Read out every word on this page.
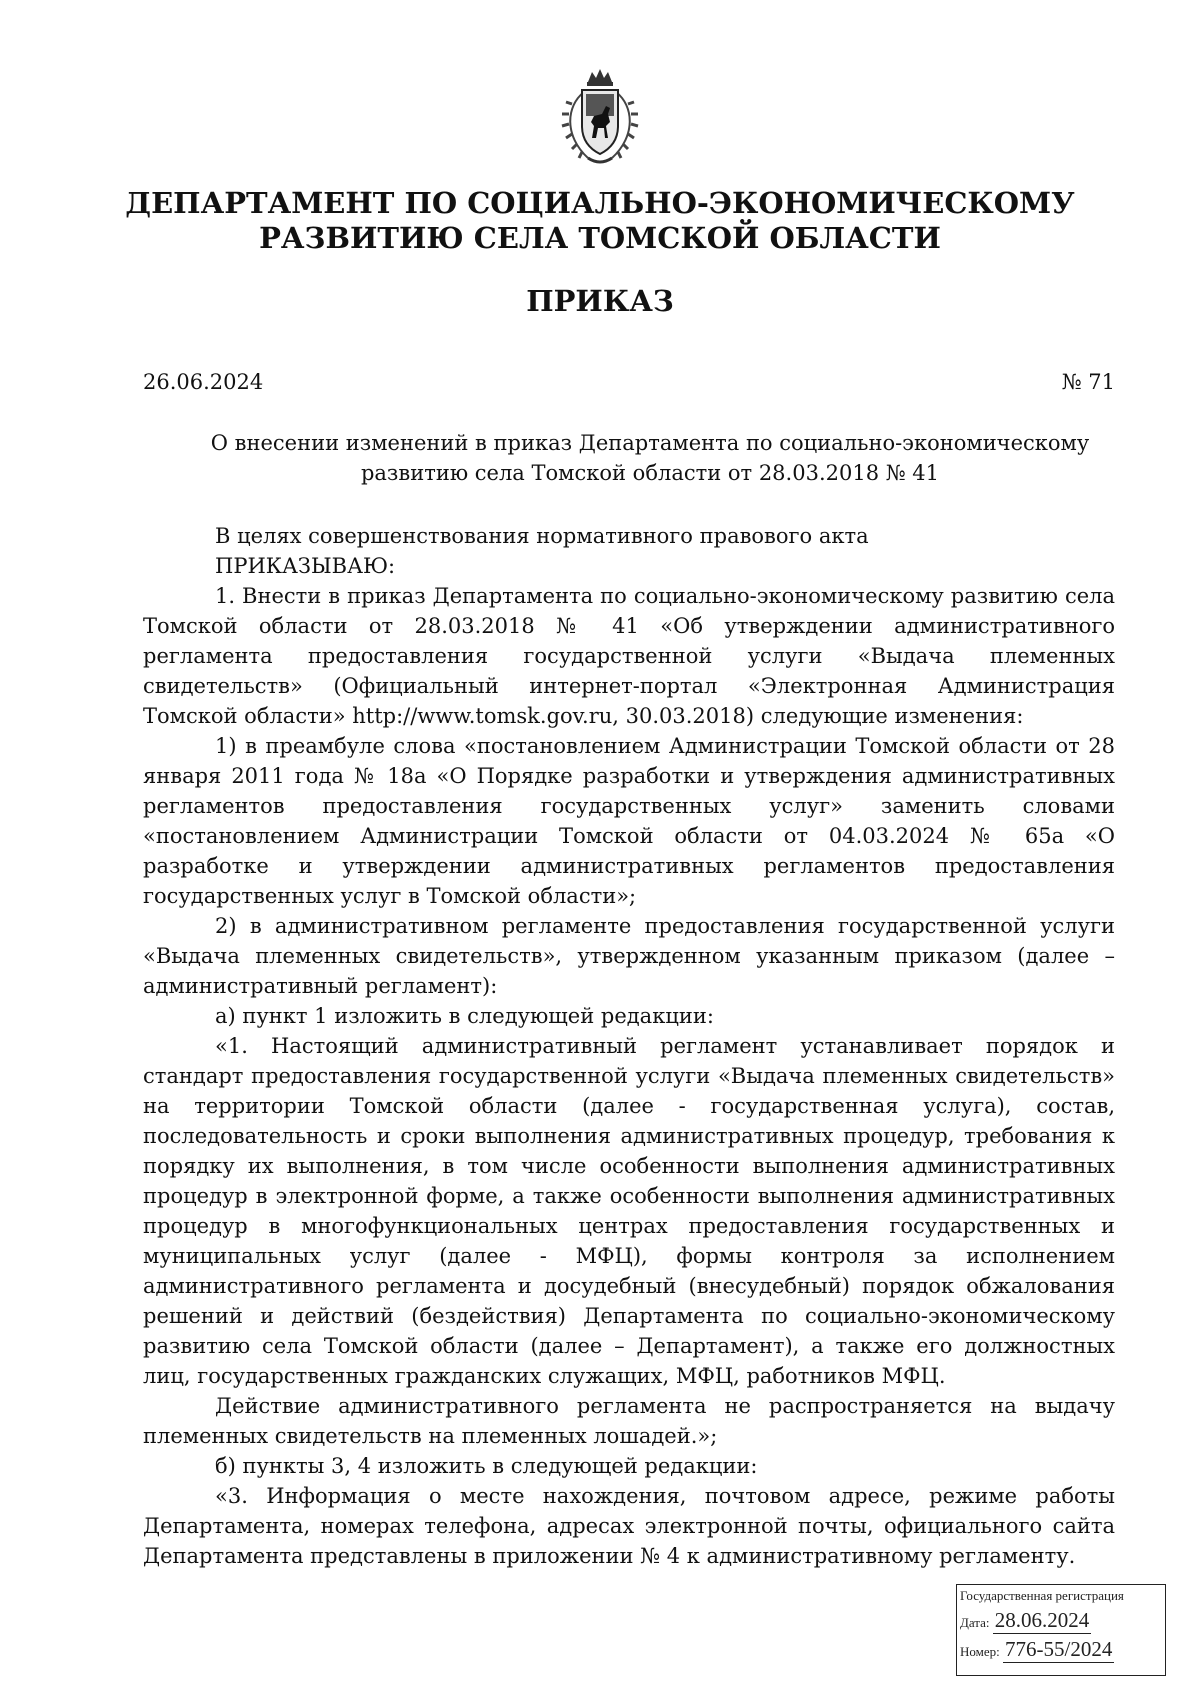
ДЕПАРТАМЕНТ ПО СОЦИАЛЬНО-ЭКОНОМИЧЕСКОМУ РАЗВИТИЮ СЕЛА ТОМСКОЙ ОБЛАСТИ
ПРИКАЗ
26.06.2024	№ 71
О внесении изменений в приказ Департамента по социально-экономическому развитию села Томской области от 28.03.2018 № 41

В целях совершенствования нормативного правового акта

ПРИКАЗЫВАЮ:

1. Внести в приказ Департамента по социально-экономическому развитию села Томской области от 28.03.2018 № 41 «Об утверждении административного регламента предоставления государственной услуги «Выдача племенных свидетельств» (Официальный интернет-портал «Электронная Администрация Томской области» http://www.tomsk.gov.ru, 30.03.2018) следующие изменения:

1) в преамбуле слова «постановлением Администрации Томской области от 28 января 2011 года № 18а «О Порядке разработки и утверждения административных регламентов предоставления государственных услуг» заменить словами «постановлением Администрации Томской области от 04.03.2024 № 65а «О разработке и утверждении административных регламентов предоставления государственных услуг в Томской области»;

2) в административном регламенте предоставления государственной услуги «Выдача племенных свидетельств», утвержденном указанным приказом (далее – административный регламент):

а) пункт 1 изложить в следующей редакции:

«1. Настоящий административный регламент устанавливает порядок и стандарт предоставления государственной услуги «Выдача племенных свидетельств» на территории Томской области (далее - государственная услуга), состав, последовательность и сроки выполнения административных процедур, требования к порядку их выполнения, в том числе особенности выполнения административных процедур в электронной форме, а также особенности выполнения административных процедур в многофункциональных центрах предоставления государственных и муниципальных услуг (далее - МФЦ), формы контроля за исполнением административного регламента и досудебный (внесудебный) порядок обжалования решений и действий (бездействия) Департамента по социально-экономическому развитию села Томской области (далее – Департамент), а также его должностных лиц, государственных гражданских служащих, МФЦ, работников МФЦ.

Действие административного регламента не распространяется на выдачу племенных свидетельств на племенных лошадей.»;

б) пункты 3, 4 изложить в следующей редакции:

«3. Информация о месте нахождения, почтовом адресе, режиме работы Департамента, номерах телефона, адресах электронной почты, официального сайта Департамента представлены в приложении № 4 к административному регламенту.

Государственная регистрация
Дата: 28.06.2024
Номер: 776-55/2024
